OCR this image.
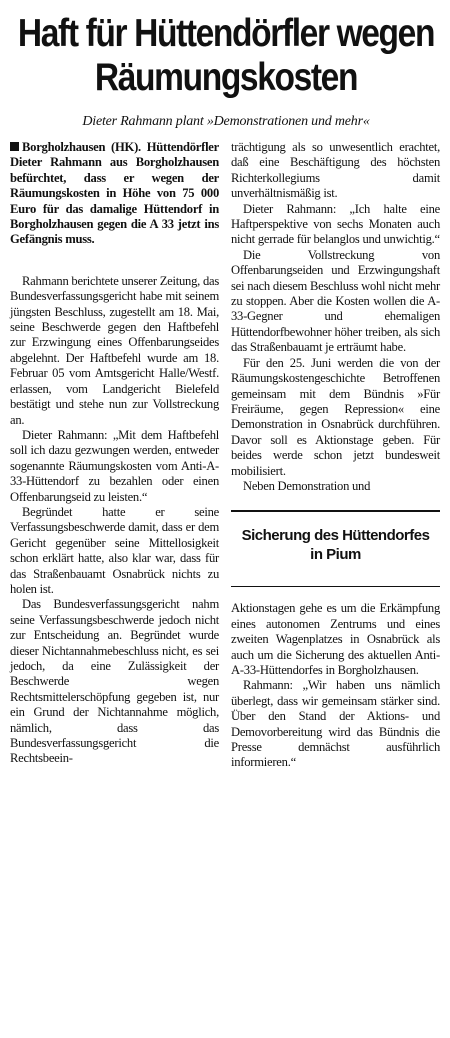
Haft für Hüttendörfler wegen Räumungskosten
Dieter Rahmann plant »Demonstrationen und mehr«

Borgholzhausen (HK). Hüttendörfler Dieter Rahmann aus Borgholzhausen befürchtet, dass er wegen der Räumungskosten in Höhe von 75 000 Euro für das damalige Hüttendorf in Borgholzhausen gegen die A 33 jetzt ins Gefängnis muss.

Rahmann berichtete unserer Zeitung, das Bundesverfassungsgericht habe mit seinem jüngsten Beschluss, zugestellt am 18. Mai, seine Beschwerde gegen den Haftbefehl zur Erzwingung eines Offenbarungseides abgelehnt. Der Haftbefehl wurde am 18. Februar 05 vom Amtsgericht Halle/Westf. erlassen, vom Landgericht Bielefeld bestätigt und stehe nun zur Vollstreckung an.

Dieter Rahmann: „Mit dem Haftbefehl soll ich dazu gezwungen werden, entweder sogenannte Räumungskosten vom Anti-A-33-Hüttendorf zu bezahlen oder einen Offenbarungseid zu leisten.“

Begründet hatte er seine Verfassungsbeschwerde damit, dass er dem Gericht gegenüber seine Mittellosigkeit schon erklärt hatte, also klar war, dass für das Straßenbauamt Osnabrück nichts zu holen ist.

Das Bundesverfassungsgericht nahm seine Verfassungsbeschwerde jedoch nicht zur Entscheidung an. Begründet wurde dieser Nichtannahmebeschluss nicht, es sei jedoch, da eine Zulässigkeit der Beschwerde wegen Rechtsmittelerschöpfung gegeben ist, nur ein Grund der Nichtannahme möglich, nämlich, dass das Bundesverfassungsgericht die Rechtsbeein-

trächtigung als so unwesentlich erachtet, daß eine Beschäftigung des höchsten Richterkollegiums damit unverhältnismäßig ist.

Dieter Rahmann: „Ich halte eine Haftperspektive von sechs Monaten auch nicht gerrade für belanglos und unwichtig.“

Die Vollstreckung von Offenbarungseiden und Erzwingungshaft sei nach diesem Beschluss wohl nicht mehr zu stoppen. Aber die Kosten wollen die A-33-Gegner und ehemaligen Hüttendorfbewohner höher treiben, als sich das Straßenbauamt je erträumt habe.

Für den 25. Juni werden die von der Räumungskostengeschichte Betroffenen gemeinsam mit dem Bündnis »Für Freiräume, gegen Repression« eine Demonstration in Osnabrück durchführen. Davor soll es Aktionstage geben. Für beides werde schon jetzt bundesweit mobilisiert.

Neben Demonstration und

Sicherung des Hüttendorfes in Pium

Aktionstagen gehe es um die Erkämpfung eines autonomen Zentrums und eines zweiten Wagenplatzes in Osnabrück als auch um die Sicherung des aktuellen Anti-A-33-Hüttendorfes in Borgholzhausen.

Rahmann: „Wir haben uns nämlich überlegt, dass wir gemeinsam stärker sind. Über den Stand der Aktions- und Demovorbereitung wird das Bündnis die Presse demnächst ausführlich informieren.“
